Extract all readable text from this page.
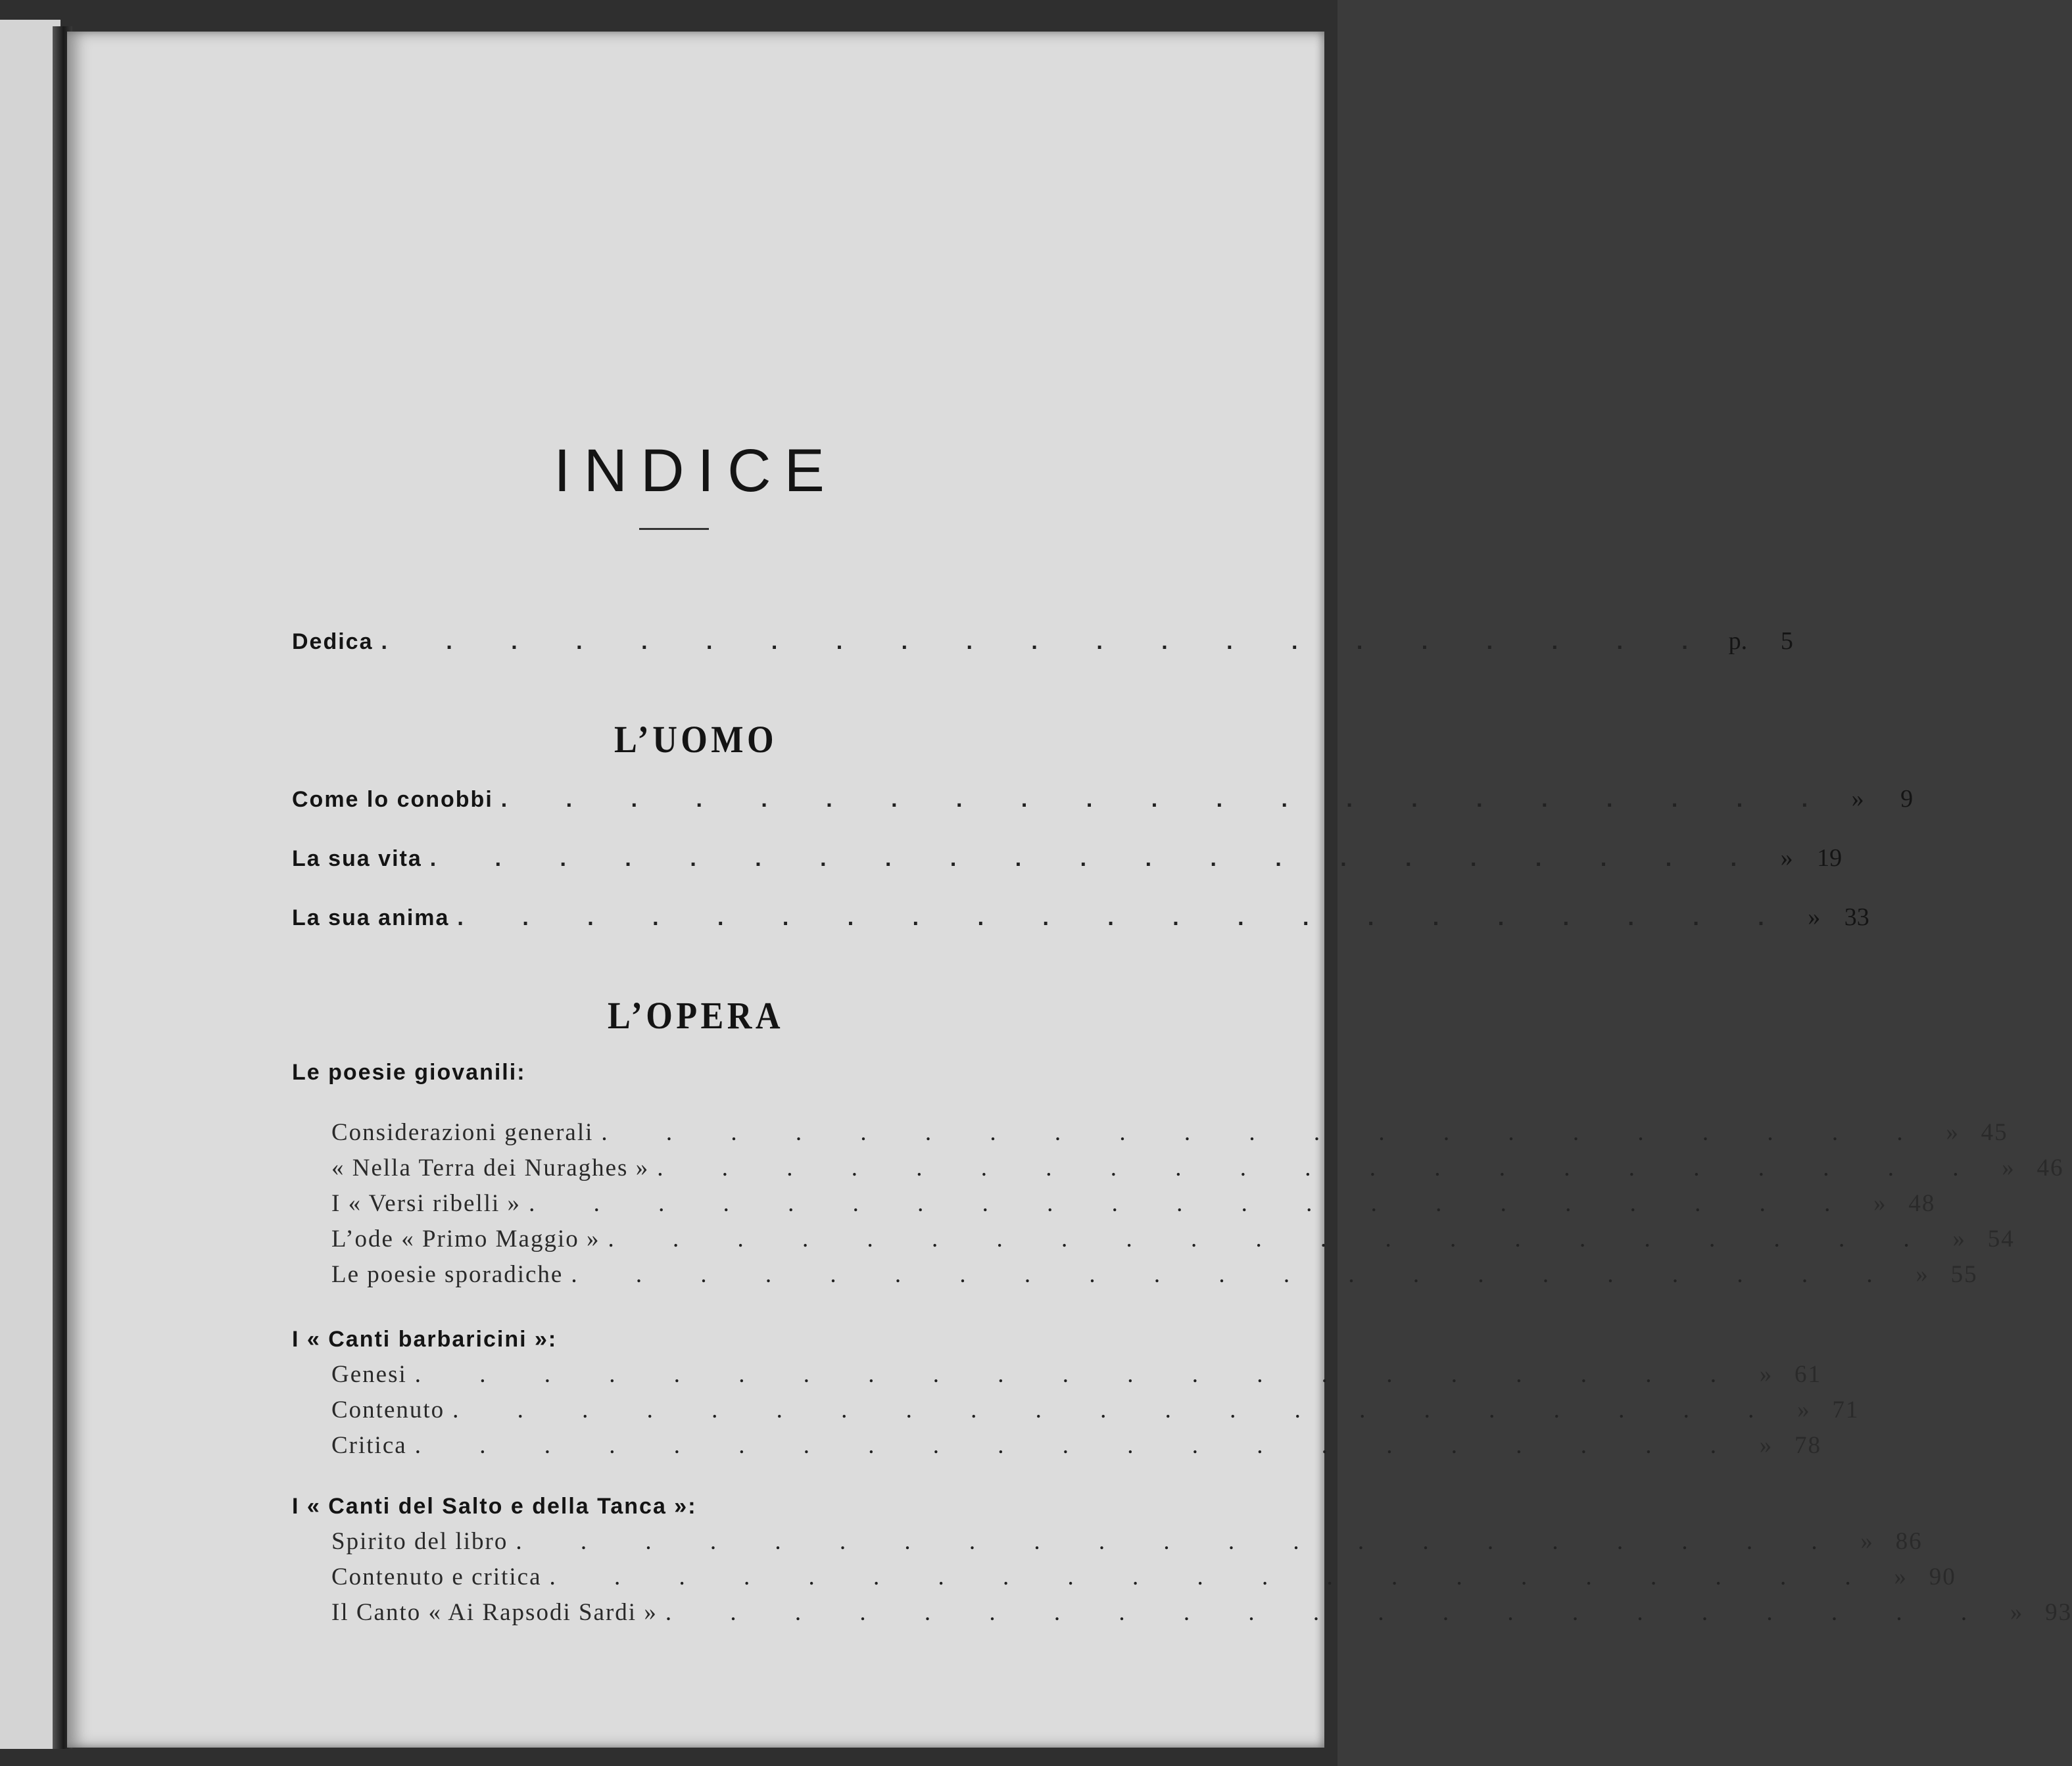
INDICE
Dedica . . . . . . . . . . . . . . . . . . . . . p.	5
L’UOMO
Come lo conobbi . . . . . . . . . . . . . . . . . . . . . »	9
La sua vita . . . . . . . . . . . . . . . . . . . . . » 19
La sua anima . . . . . . . . . . . . . . . . . . . . . » 33
L’OPERA

Le poesie giovanili:

Considerazioni generali . . . . . . . . . . . . . . . . . . . . . » 45
« Nella Terra dei Nuraghes » . . . . . . . . . . . . . . . . . . . . . » 46
I « Versi ribelli » . . . . . . . . . . . . . . . . . . . . . » 48
L’ode « Primo Maggio » . . . . . . . . . . . . . . . . . . . . . » 54
Le poesie sporadiche . . . . . . . . . . . . . . . . . . . . . » 55

I « Canti barbaricini »:

Genesi . . . . . . . . . . . . . . . . . . . . . » 61
Contenuto . . . . . . . . . . . . . . . . . . . . . » 71
Critica . . . . . . . . . . . . . . . . . . . . . » 78

I « Canti del Salto e della Tanca »:

Spirito del libro . . . . . . . . . . . . . . . . . . . . . » 86
Contenuto e critica . . . . . . . . . . . . . . . . . . . . . » 90
Il Canto « Ai Rapsodi Sardi » . . . . . . . . . . . . . . . . . . . . . » 93
